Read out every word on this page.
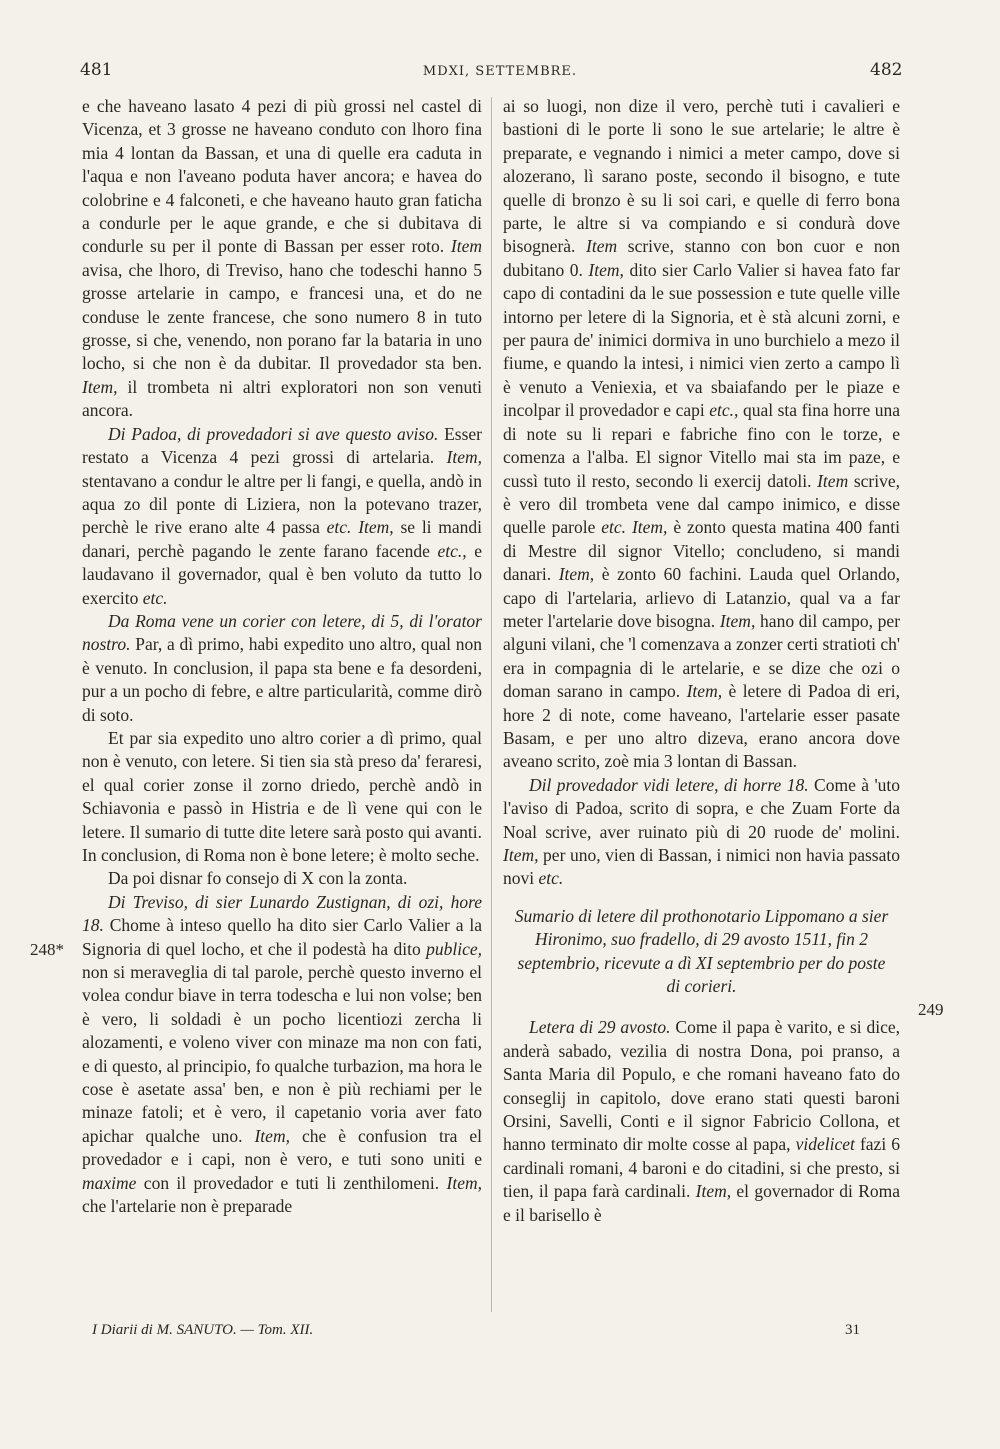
481	MDXI, SETTEMBRE.	482
248*
249

e che haveano lasato 4 pezi di più grossi nel castel di Vicenza, et 3 grosse ne haveano conduto con lhoro fina mia 4 lontan da Bassan, et una di quelle era caduta in l'aqua e non l'aveano poduta haver ancora; e havea do colobrine e 4 falconeti, e che haveano hauto gran faticha a condurle per le aque grande, e che si dubitava di condurle su per il ponte di Bassan per esser roto. Item avisa, che lhoro, di Treviso, hano che todeschi hanno 5 grosse artelarie in campo, e francesi una, et do ne conduse le zente francese, che sono numero 8 in tuto grosse, si che, venendo, non porano far la bataria in uno locho, si che non è da dubitar. Il provedador sta ben. Item, il trombeta ni altri exploratori non son venuti ancora.

Di Padoa, di provedadori si ave questo aviso. Esser restato a Vicenza 4 pezi grossi di artelaria. Item, stentavano a condur le altre per li fangi, e quella, andò in aqua zo dil ponte di Liziera, non la potevano trazer, perchè le rive erano alte 4 passa etc. Item, se li mandi danari, perchè pagando le zente farano facende etc., e laudavano il governador, qual è ben voluto da tutto lo exercito etc.

Da Roma vene un corier con letere, di 5, di l'orator nostro. Par, a dì primo, habi expedito uno altro, qual non è venuto. In conclusion, il papa sta bene e fa desordeni, pur a un pocho di febre, e altre particularità, comme dirò di soto.

Et par sia expedito uno altro corier a dì primo, qual non è venuto, con letere. Si tien sia stà preso da' feraresi, el qual corier zonse il zorno driedo, perchè andò in Schiavonia e passò in Histria e de lì vene qui con le letere. Il sumario di tutte dite letere sarà posto qui avanti. In conclusion, di Roma non è bone letere; è molto seche.

Da poi disnar fo consejo di X con la zonta.

Di Treviso, di sier Lunardo Zustignan, di ozi, hore 18. Chome à inteso quello ha dito sier Carlo Valier a la Signoria di quel locho, et che il podestà ha dito publice, non si meraveglia di tal parole, perchè questo inverno el volea condur biave in terra todescha e lui non volse; ben è vero, li soldadi è un pocho licentiozi zercha li alozamenti, e voleno viver con minaze ma non con fati, e di questo, al principio, fo qualche turbazion, ma hora le cose è asetate assa' ben, e non è più rechiami per le minaze fatoli; et è vero, il capetanio voria aver fato apichar qualche uno. Item, che è confusion tra el provedador e i capi, non è vero, e tuti sono uniti e maxime con il provedador e tuti li zenthilomeni. Item, che l'artelarie non è preparade

ai so luogi, non dize il vero, perchè tuti i cavalieri e bastioni di le porte li sono le sue artelarie; le altre è preparate, e vegnando i nimici a meter campo, dove si alozerano, lì sarano poste, secondo il bisogno, e tute quelle di bronzo è su li soi cari, e quelle di ferro bona parte, le altre si va compiando e si condurà dove bisognerà. Item scrive, stanno con bon cuor e non dubitano 0. Item, dito sier Carlo Valier si havea fato far capo di contadini da le sue possession e tute quelle ville intorno per letere di la Signoria, et è stà alcuni zorni, e per paura de' inimici dormiva in uno burchielo a mezo il fiume, e quando la intesi, i nimici vien zerto a campo lì è venuto a Veniexia, et va sbaiafando per le piaze e incolpar il provedador e capi etc., qual sta fina horre una di note su li repari e fabriche fino con le torze, e comenza a l'alba. El signor Vitello mai sta im paze, e cussì tuto il resto, secondo li exercij datoli. Item scrive, è vero dil trombeta vene dal campo inimico, e disse quelle parole etc. Item, è zonto questa matina 400 fanti di Mestre dil signor Vitello; concludeno, si mandi danari. Item, è zonto 60 fachini. Lauda quel Orlando, capo di l'artelaria, arlievo di Latanzio, qual va a far meter l'artelarie dove bisogna. Item, hano dil campo, per alguni vilani, che 'l comenzava a zonzer certi stratioti ch' era in compagnia di le artelarie, e se dize che ozi o doman sarano in campo. Item, è letere di Padoa di eri, hore 2 di note, come haveano, l'artelarie esser pasate Basam, e per uno altro dizeva, erano ancora dove aveano scrito, zoè mia 3 lontan di Bassan.

Dil provedador vidi letere, di horre 18. Come à 'uto l'aviso di Padoa, scrito di sopra, e che Zuam Forte da Noal scrive, aver ruinato più di 20 ruode de' molini. Item, per uno, vien di Bassan, i nimici non havia passato novi etc.

Sumario di letere dil prothonotario Lippomano a sier Hironimo, suo fradello, di 29 avosto 1511, fin 2 septembrio, ricevute a dì XI septembrio per do poste di corieri.

Letera di 29 avosto. Come il papa è varito, e si dice, anderà sabado, vezilia di nostra Dona, poi pranso, a Santa Maria dil Populo, e che romani haveano fato do consegliј in capitolo, dove erano stati questi baroni Orsini, Savelli, Conti e il signor Fabricio Collona, et hanno terminato dir molte cosse al papa, videlicet fazi 6 cardinali romani, 4 baroni e do citadini, si che presto, si tien, il papa farà cardinali. Item, el governador di Roma e il barisello è

I Diarii di M. SANUTO. — Tom. XII.	31
